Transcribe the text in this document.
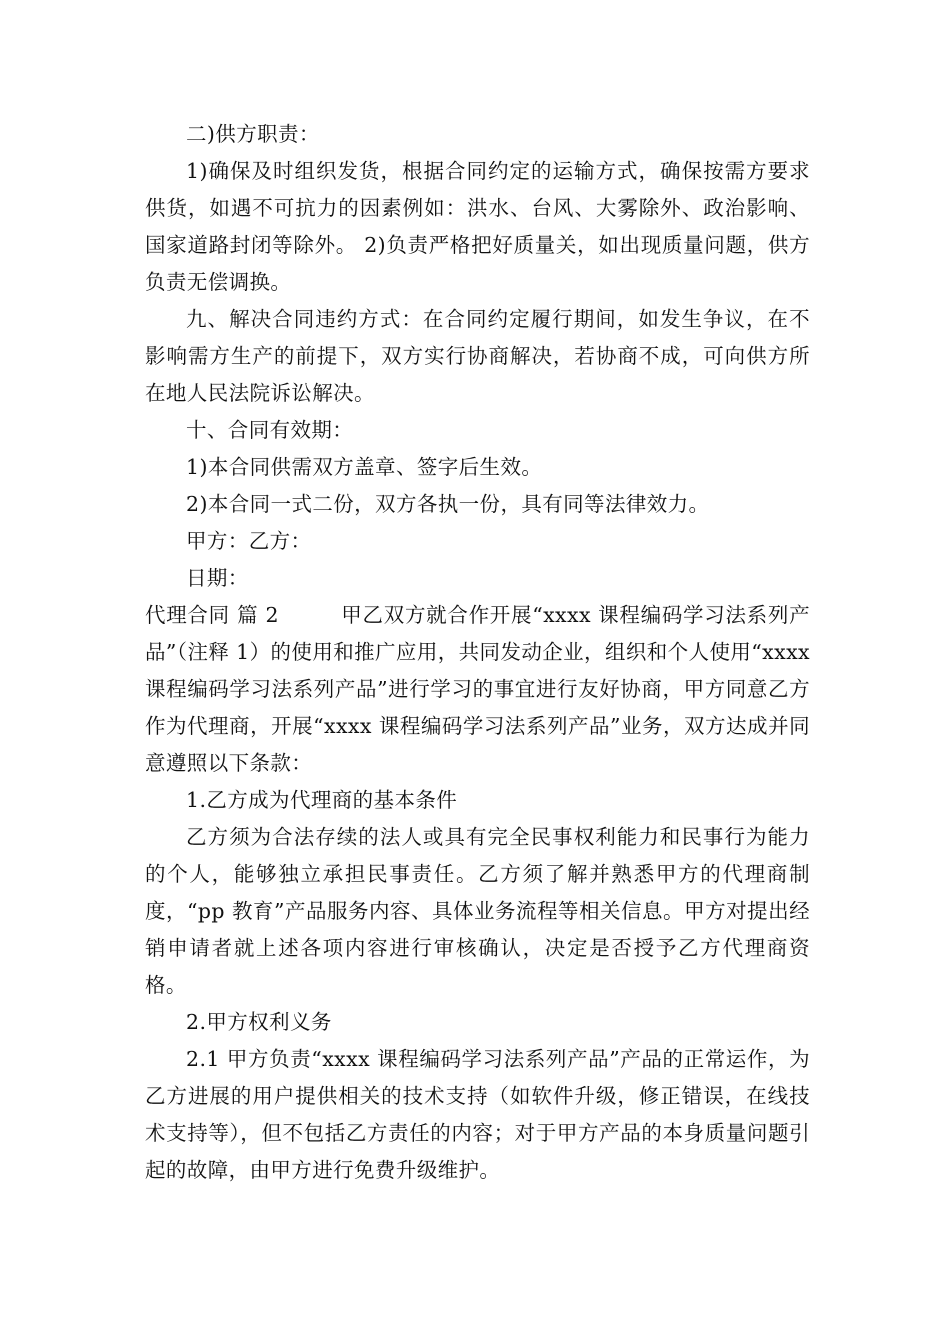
二)供方职责：

1)确保及时组织发货，根据合同约定的运输方式，确保按需方要求供货，如遇不可抗力的因素例如：洪水、台风、大雾除外、政治影响、国家道路封闭等除外。 2)负责严格把好质量关，如出现质量问题，供方负责无偿调换。

九、解决合同违约方式：在合同约定履行期间，如发生争议，在不影响需方生产的前提下，双方实行协商解决，若协商不成，可向供方所在地人民法院诉讼解决。

十、合同有效期：

1)本合同供需双方盖章、签字后生效。

2)本合同一式二份，双方各执一份，具有同等法律效力。

甲方：乙方：

日期：

代理合同 篇 2	甲乙双方就合作开展“xxxx 课程编码学习法系列产品”（注释 1）的使用和推广应用，共同发动企业，组织和个人使用“xxxx 课程编码学习法系列产品”进行学习的事宜进行友好协商，甲方同意乙方作为代理商，开展“xxxx 课程编码学习法系列产品”业务，双方达成并同意遵照以下条款：

1.乙方成为代理商的基本条件

乙方须为合法存续的法人或具有完全民事权利能力和民事行为能力的个人，能够独立承担民事责任。乙方须了解并熟悉甲方的代理商制度，“pp 教育”产品服务内容、具体业务流程等相关信息。甲方对提出经销申请者就上述各项内容进行审核确认，决定是否授予乙方代理商资格。

2.甲方权利义务

2.1 甲方负责“xxxx 课程编码学习法系列产品”产品的正常运作，为乙方进展的用户提供相关的技术支持（如软件升级，修正错误，在线技术支持等），但不包括乙方责任的内容；对于甲方产品的本身质量问题引起的故障，由甲方进行免费升级维护。
